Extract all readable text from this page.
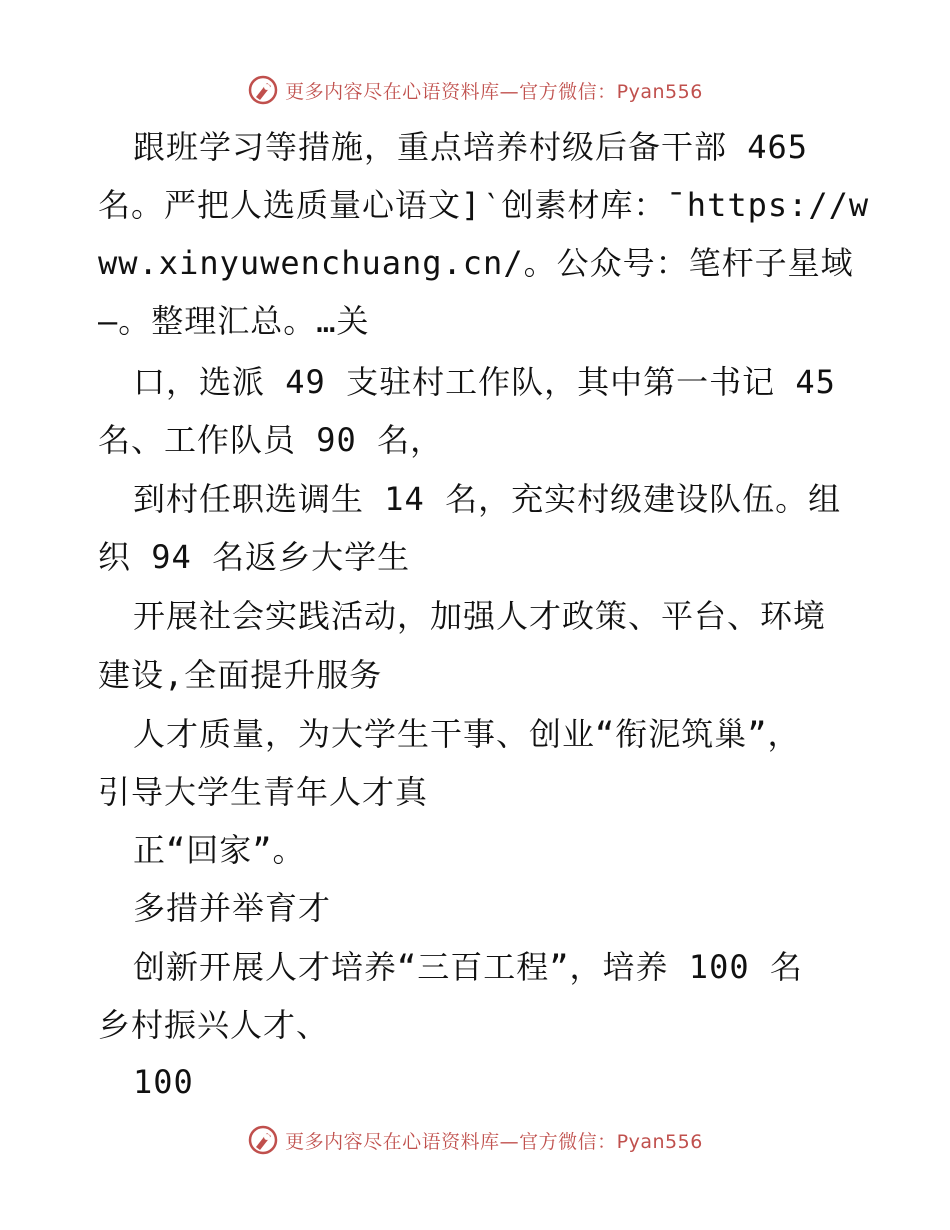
更多内容尽在心语资料库—官方微信：Pyan556
跟班学习等措施，重点培养村级后备干部 465
名。严把人选质量心语文]‵创素材库：¯https://w
ww.xinyuwenchuang.cn/。公众号：笔杆子星域
—。整理汇总。…关
口，选派 49 支驻村工作队，其中第一书记 45
名、工作队员 90 名，
到村任职选调生 14 名，充实村级建设队伍。组
织 94 名返乡大学生
开展社会实践活动，加强人才政策、平台、环境
建设,全面提升服务
人才质量，为大学生干事、创业“衔泥筑巢”，
引导大学生青年人才真
正“回家”。
多措并举育才
创新开展人才培养“三百工程”，培养 100 名
乡村振兴人才、
100
更多内容尽在心语资料库—官方微信：Pyan556
